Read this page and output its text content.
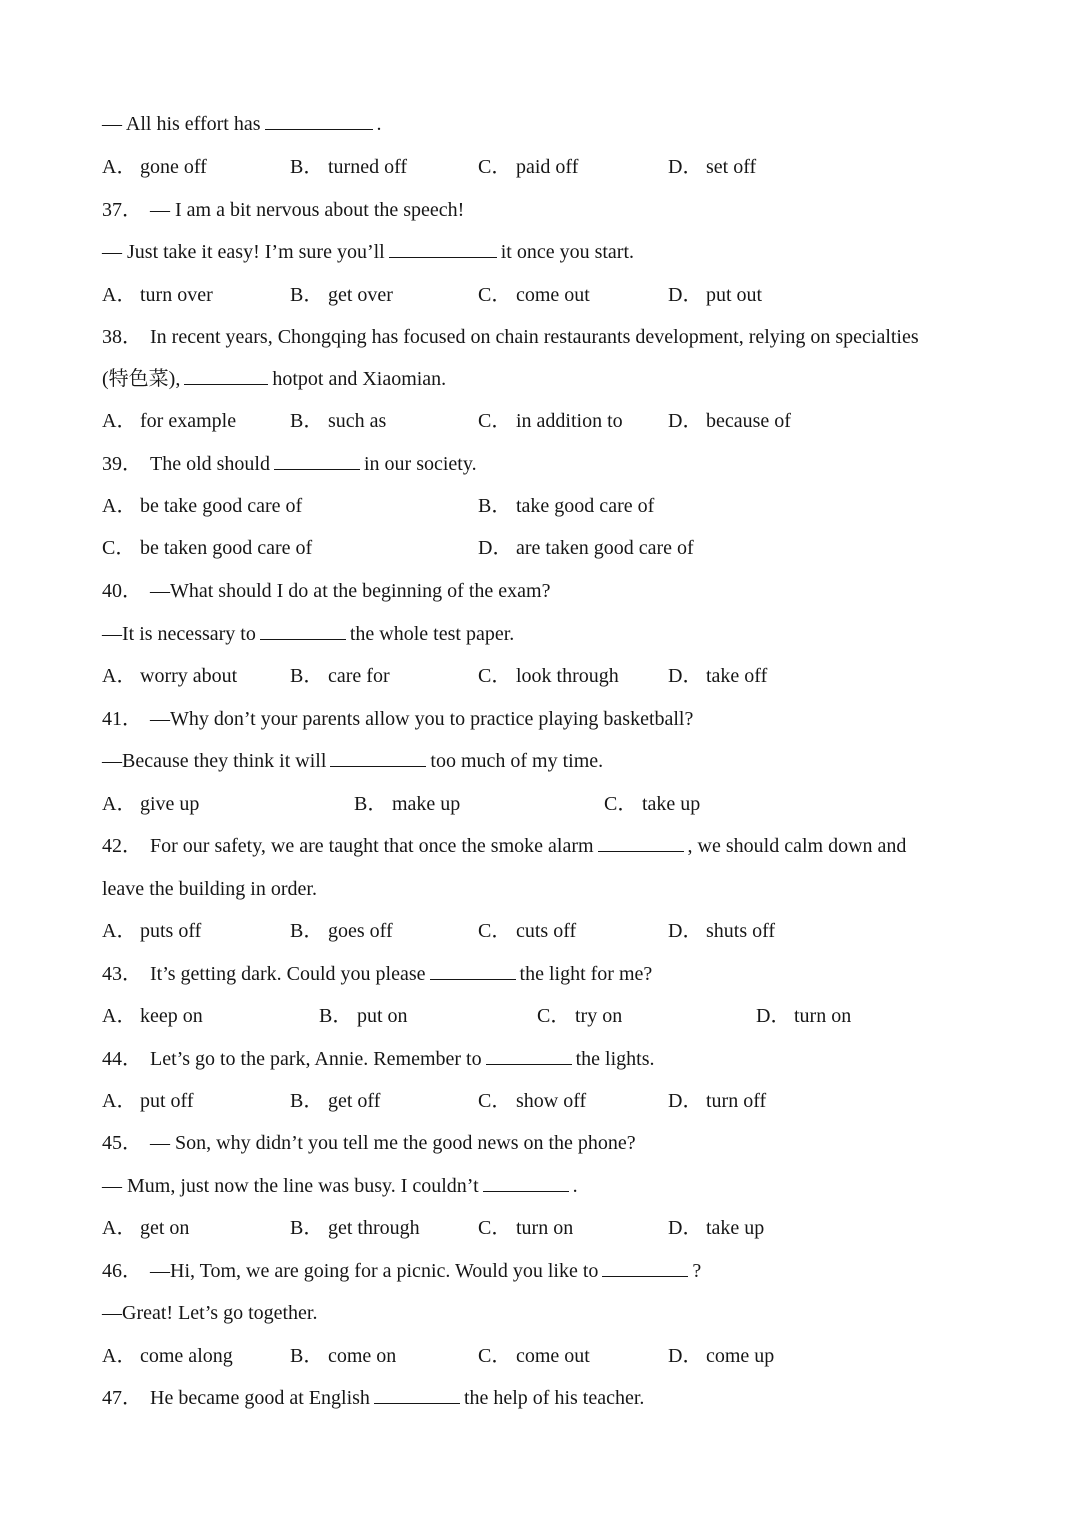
— All his effort has	.
A． gone off	B． turned off	C． paid off	D． set off
37． — I am a bit nervous about the speech!
— Just take it easy! I’m sure you’ll	it once you start.
A． turn over	B． get over	C． come out	D． put out
38． In recent years, Chongqing has focused on chain restaurants development, relying on specialties
(特色菜),	hotpot and Xiaomian.
A． for example	B． such as	C． in addition to D． because of
39． The old should	in our society.
A． be take good care of	B． take good care of
C． be taken good care of	D． are taken good care of
40． —What should I do at the beginning of the exam?
—It is necessary to	the whole test paper.
A． worry about	B． care for	C． look through D． take off
41． —Why don’t your parents allow you to practice playing basketball?
—Because they think it will	too much of my time.
A． give up	B． make up	C． take up
42． For our safety, we are taught that once the smoke alarm	, we should calm down and
leave the building in order.
A． puts off	B． goes off	C． cuts off	D． shuts off
43． It’s getting dark. Could you please	the light for me?
A． keep on	B． put on	C． try on	D． turn on
44． Let’s go to the park, Annie. Remember to	the lights.
A． put off	B． get off	C． show off	D． turn off
45． — Son, why didn’t you tell me the good news on the phone?
— Mum, just now the line was busy. I couldn’t	.
A． get on	B． get through	C． turn on	D． take up
46． —Hi, Tom, we are going for a picnic. Would you like to	?
—Great! Let’s go together.
A． come along	B． come on	C． come out	D． come up
47． He became good at English	the help of his teacher.
